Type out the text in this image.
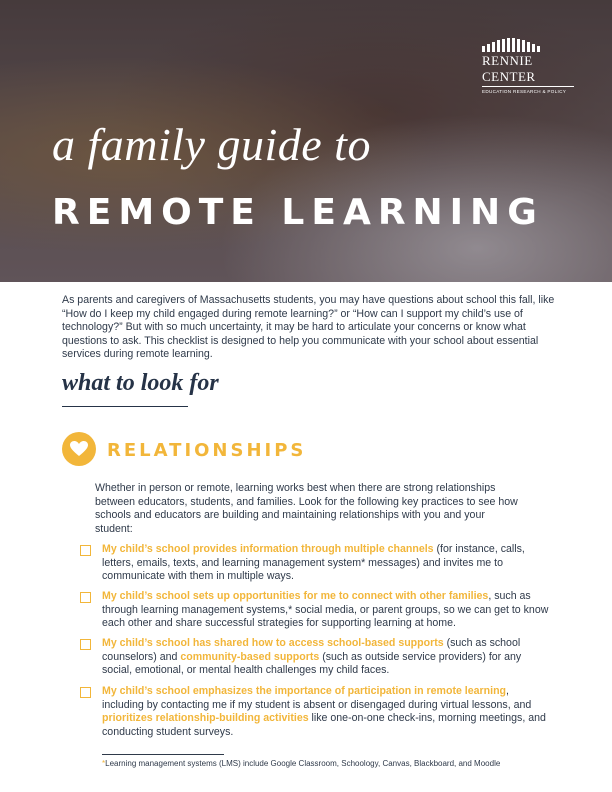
RENNIE CENTER
EDUCATION RESEARCH & POLICY
a family guide to
REMOTE LEARNING
As parents and caregivers of Massachusetts students, you may have questions about school this fall, like “How do I keep my child engaged during remote learning?” or “How can I support my child’s use of technology?” But with so much uncertainty, it may be hard to articulate your concerns or know what questions to ask. This checklist is designed to help you communicate with your school about essential services during remote learning.
what to look for
RELATIONSHIPS
Whether in person or remote, learning works best when there are strong relationships between educators, students, and families. Look for the following key practices to see how schools and educators are building and maintaining relationships with you and your student:
My child’s school provides information through multiple channels (for instance, calls, letters, emails, texts, and learning management system* messages) and invites me to communicate with them in multiple ways.
My child’s school sets up opportunities for me to connect with other families, such as through learning management systems,* social media, or parent groups, so we can get to know each other and share successful strategies for supporting learning at home.
My child’s school has shared how to access school-based supports (such as school counselors) and community-based supports (such as outside service providers) for any social, emotional, or mental health challenges my child faces.
My child’s school emphasizes the importance of participation in remote learning, including by contacting me if my student is absent or disengaged during virtual lessons, and prioritizes relationship-building activities like one-on-one check-ins, morning meetings, and conducting student surveys.
*Learning management systems (LMS) include Google Classroom, Schoology, Canvas, Blackboard, and Moodle
